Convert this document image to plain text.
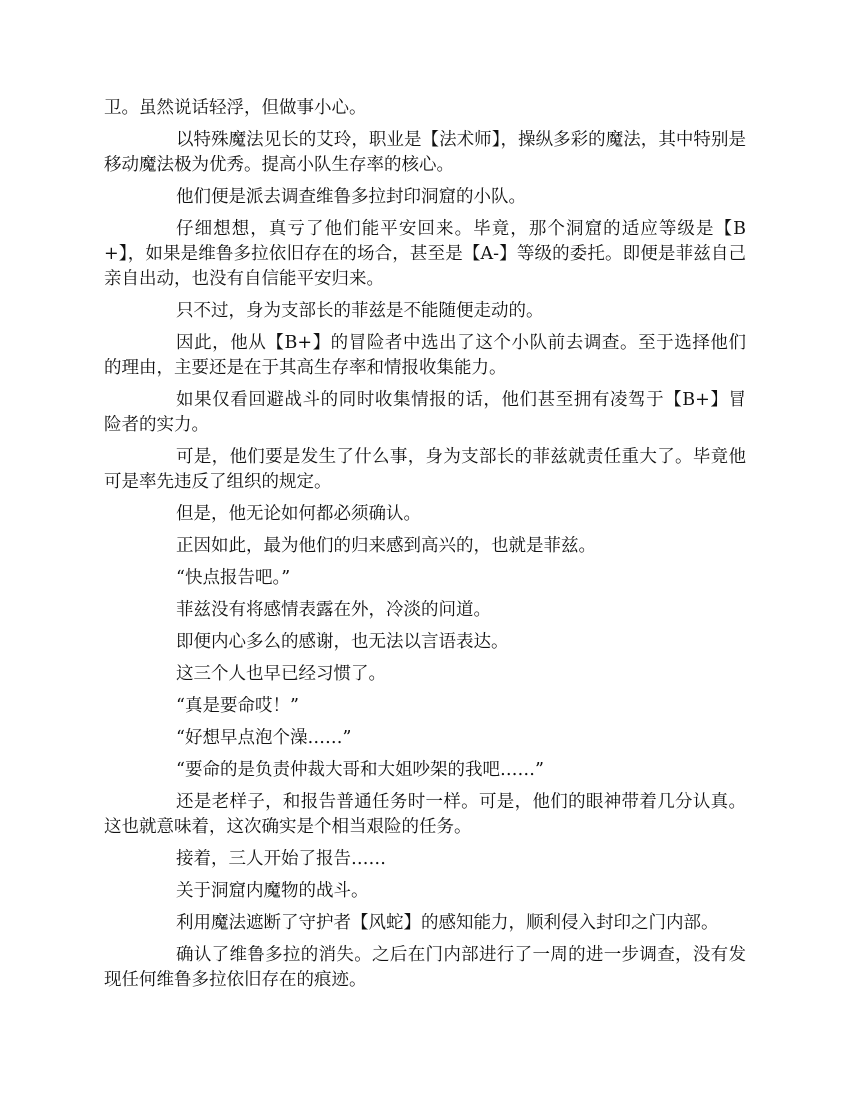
卫。虽然说话轻浮，但做事小心。

以特殊魔法见长的艾玲，职业是【法术师】，操纵多彩的魔法，其中特别是移动魔法极为优秀。提高小队生存率的核心。

他们便是派去调查维鲁多拉封印洞窟的小队。

仔细想想，真亏了他们能平安回来。毕竟，那个洞窟的适应等级是【B+】，如果是维鲁多拉依旧存在的场合，甚至是【A-】等级的委托。即便是菲兹自己亲自出动，也没有自信能平安归来。

只不过，身为支部长的菲兹是不能随便走动的。

因此，他从【B+】的冒险者中选出了这个小队前去调查。至于选择他们的理由，主要还是在于其高生存率和情报收集能力。

如果仅看回避战斗的同时收集情报的话，他们甚至拥有凌驾于【B+】冒险者的实力。

可是，他们要是发生了什么事，身为支部长的菲兹就责任重大了。毕竟他可是率先违反了组织的规定。

但是，他无论如何都必须确认。

正因如此，最为他们的归来感到高兴的，也就是菲兹。

“快点报告吧。”

菲兹没有将感情表露在外，冷淡的问道。

即便内心多么的感谢，也无法以言语表达。

这三个人也早已经习惯了。

“真是要命哎！”

“好想早点泡个澡……”

“要命的是负责仲裁大哥和大姐吵架的我吧……”

还是老样子，和报告普通任务时一样。可是，他们的眼神带着几分认真。这也就意味着，这次确实是个相当艰险的任务。

接着，三人开始了报告……

关于洞窟内魔物的战斗。

利用魔法遮断了守护者【风蛇】的感知能力，顺利侵入封印之门内部。

确认了维鲁多拉的消失。之后在门内部进行了一周的进一步调查，没有发现任何维鲁多拉依旧存在的痕迹。
